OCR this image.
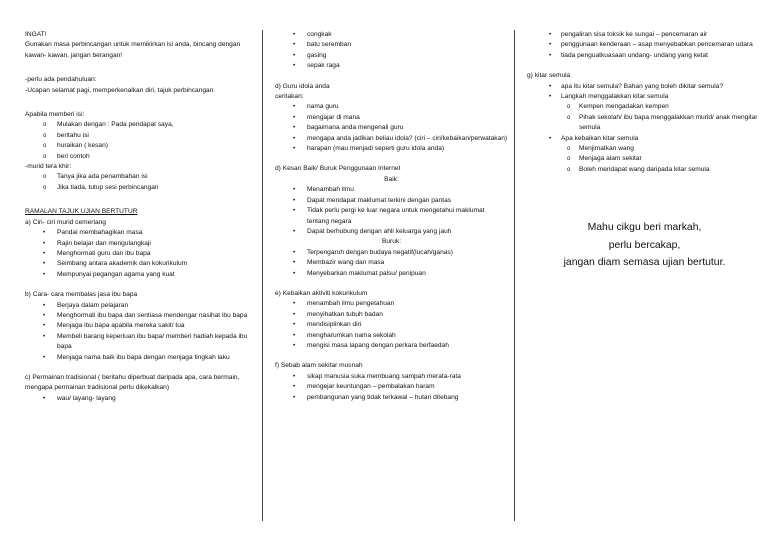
INGAT!

Gunakan masa perbincangan untuk memikirkan isi anda, bincang dengan kawan- kawan, jangan berangan!

-perlu ada pendahuluan:

-Ucapan selamat pagi, memperkenalkan diri, tajuk perbincangan

Apabila memberi isi:

o Mulakan dengan : Pada pendapat saya,
o beritahu isi
o huraikan ( kesan)
o beri contoh

-murid tera khir:

o Tanya jika ada penambahan isi
o Jika tiada, tutup sesi perbincangan

RAMALAN TAJUK UJIAN BERTUTUR

a) Ciri- ciri murid cemerlang

• Pandai membahagikan masa
• Rajin belajar dan mengulangkaji
• Menghormati guru dan ibu bapa
• Seimbang antara akademik dan kokurikulum
• Mempunyai pegangan agama yang kuat

b) Cara- cara membalas jasa ibu bapa

• Berjaya dalam pelajaran
• Menghormati ibu bapa dan sentiasa mendengar nasihat ibu bapa
• Menjaga ibu bapa apabila mereka sakit/ tua
• Membeli barang keperluan ibu bapa/ memberi hadiah kepada ibu bapa
• Menjaga nama baik ibu bapa dengan menjaga tingkah laku

c) Permainan tradisional ( beritahu diperbuat daripada apa, cara bermain, mengapa permainan tradisional perlu dikekalkan)

• wau/ layang- layang
• congkak
• batu seremban
• gasing
• sepak raga

d) Guru idola anda

ceritakan:

• nama guru
• mengajar di mana
• bagaimana anda mengenali guru
• mengapa anda jadikan beliau idola? (ciri – ciri/kebaikan/perwatakan)
• harapan (mau menjadi seperti guru idola anda)

d) Kesan Baik/ Buruk Penggunaan Internet

Baik:

• Menambah ilmu
• Dapat mendapat maklumat terkini dengan pantas
• Tidak perlu pergi ke luar negara untuk mengetahui maklumat tentang negara
• Dapat berhubung dengan ahli keluarga yang jauh

Buruk:

• Terpengaruh dengan budaya negatif(lucah/ganas)
• Membazir wang dan masa
• Menyebarkan maklumat palsu/ penipuan

e) Kebaikan aktiviti kokurikulum

• menambah ilmu pengetahuan
• menyihatkan tubuh badan
• mendisiplinkan diri
• mengharumkan nama sekolah
• mengisi masa lapang dengan perkara berfaedah

f) Sebab alam sekitar musnah

• sikap manusia suka membuang sampah merata-rata
• mengejar keuntungan – pembalakan haram
• pembangunan yang tidak terkawal – hutan ditebang
• pengaliran sisa toksik ke sungai – pencemaran air
• penggunaan kenderaan – asap menyebabkan pencemaran udara
• tiada penguatkuasaan undang- undang yang ketat

g) kitar semula

• apa itu kitar semula? Bahan yang boleh dikitar semula?
• Langkah menggalakkan kitar semula
o Kempen mengadakan kempen
o Pihak sekolah/ ibu bapa menggalakkan murid/ anak mengitar semula
• Apa kebaikan kitar semula
o Menjimatkan wang
o Menjaga alam sekitar
o Boleh mendapat wang daripada kitar semula
Mahu cikgu beri markah,
perlu bercakap,
jangan diam semasa ujian bertutur.
